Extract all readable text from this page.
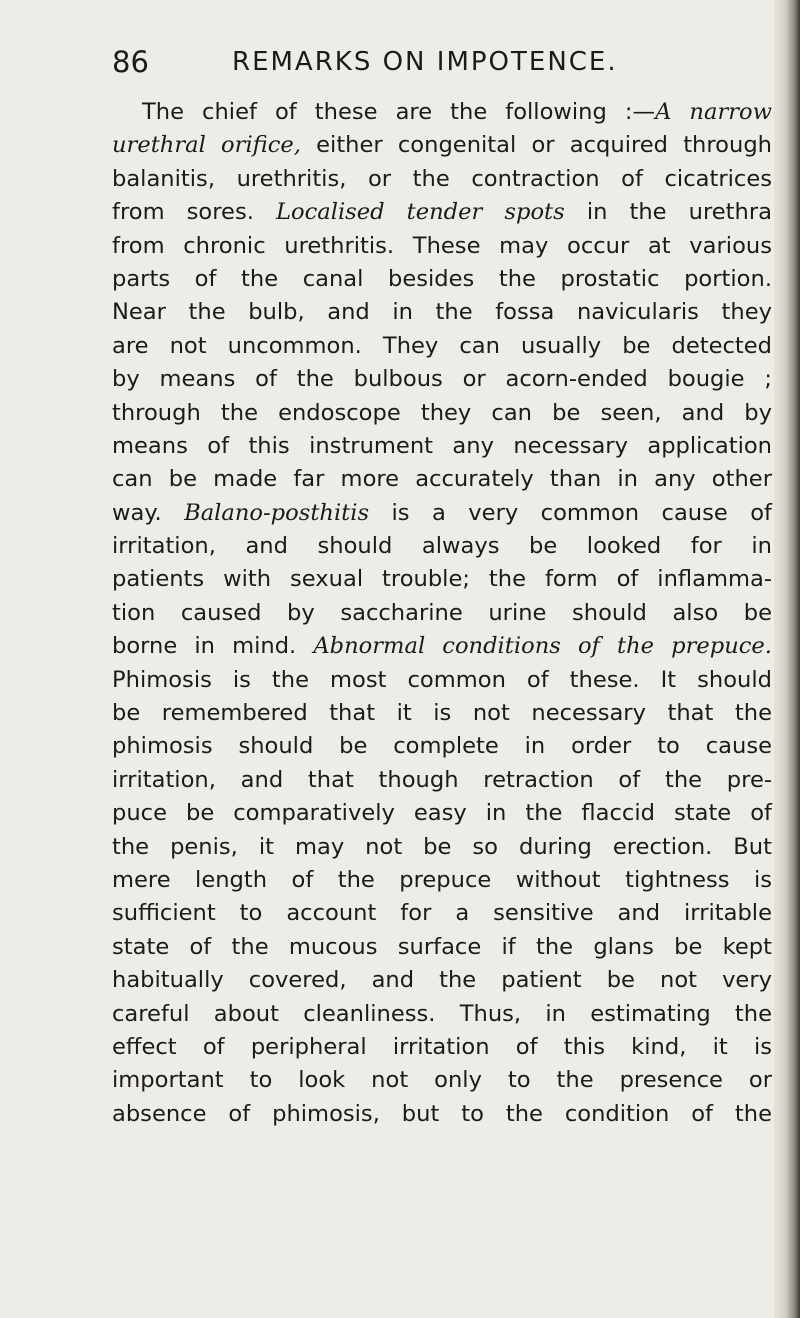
86	REMARKS ON IMPOTENCE.
The chief of these are the following :—A narrow
urethral orifice, either congenital or acquired through
balanitis, urethritis, or the contraction of cicatrices
from sores. Localised tender spots in the urethra
from chronic urethritis. These may occur at various
parts of the canal besides the prostatic portion.
Near the bulb, and in the fossa navicularis they
are not uncommon. They can usually be detected
by means of the bulbous or acorn-ended bougie ;
through the endoscope they can be seen, and by
means of this instrument any necessary application
can be made far more accurately than in any other
way. Balano-posthitis is a very common cause of
irritation, and should always be looked for in
patients with sexual trouble; the form of inflamma-
tion caused by saccharine urine should also be
borne in mind. Abnormal conditions of the prepuce.
Phimosis is the most common of these. It should
be remembered that it is not necessary that the
phimosis should be complete in order to cause
irritation, and that though retraction of the pre-
puce be comparatively easy in the flaccid state of
the penis, it may not be so during erection. But
mere length of the prepuce without tightness is
sufficient to account for a sensitive and irritable
state of the mucous surface if the glans be kept
habitually covered, and the patient be not very
careful about cleanliness. Thus, in estimating the
effect of peripheral irritation of this kind, it is
important to look not only to the presence or
absence of phimosis, but to the condition of the
